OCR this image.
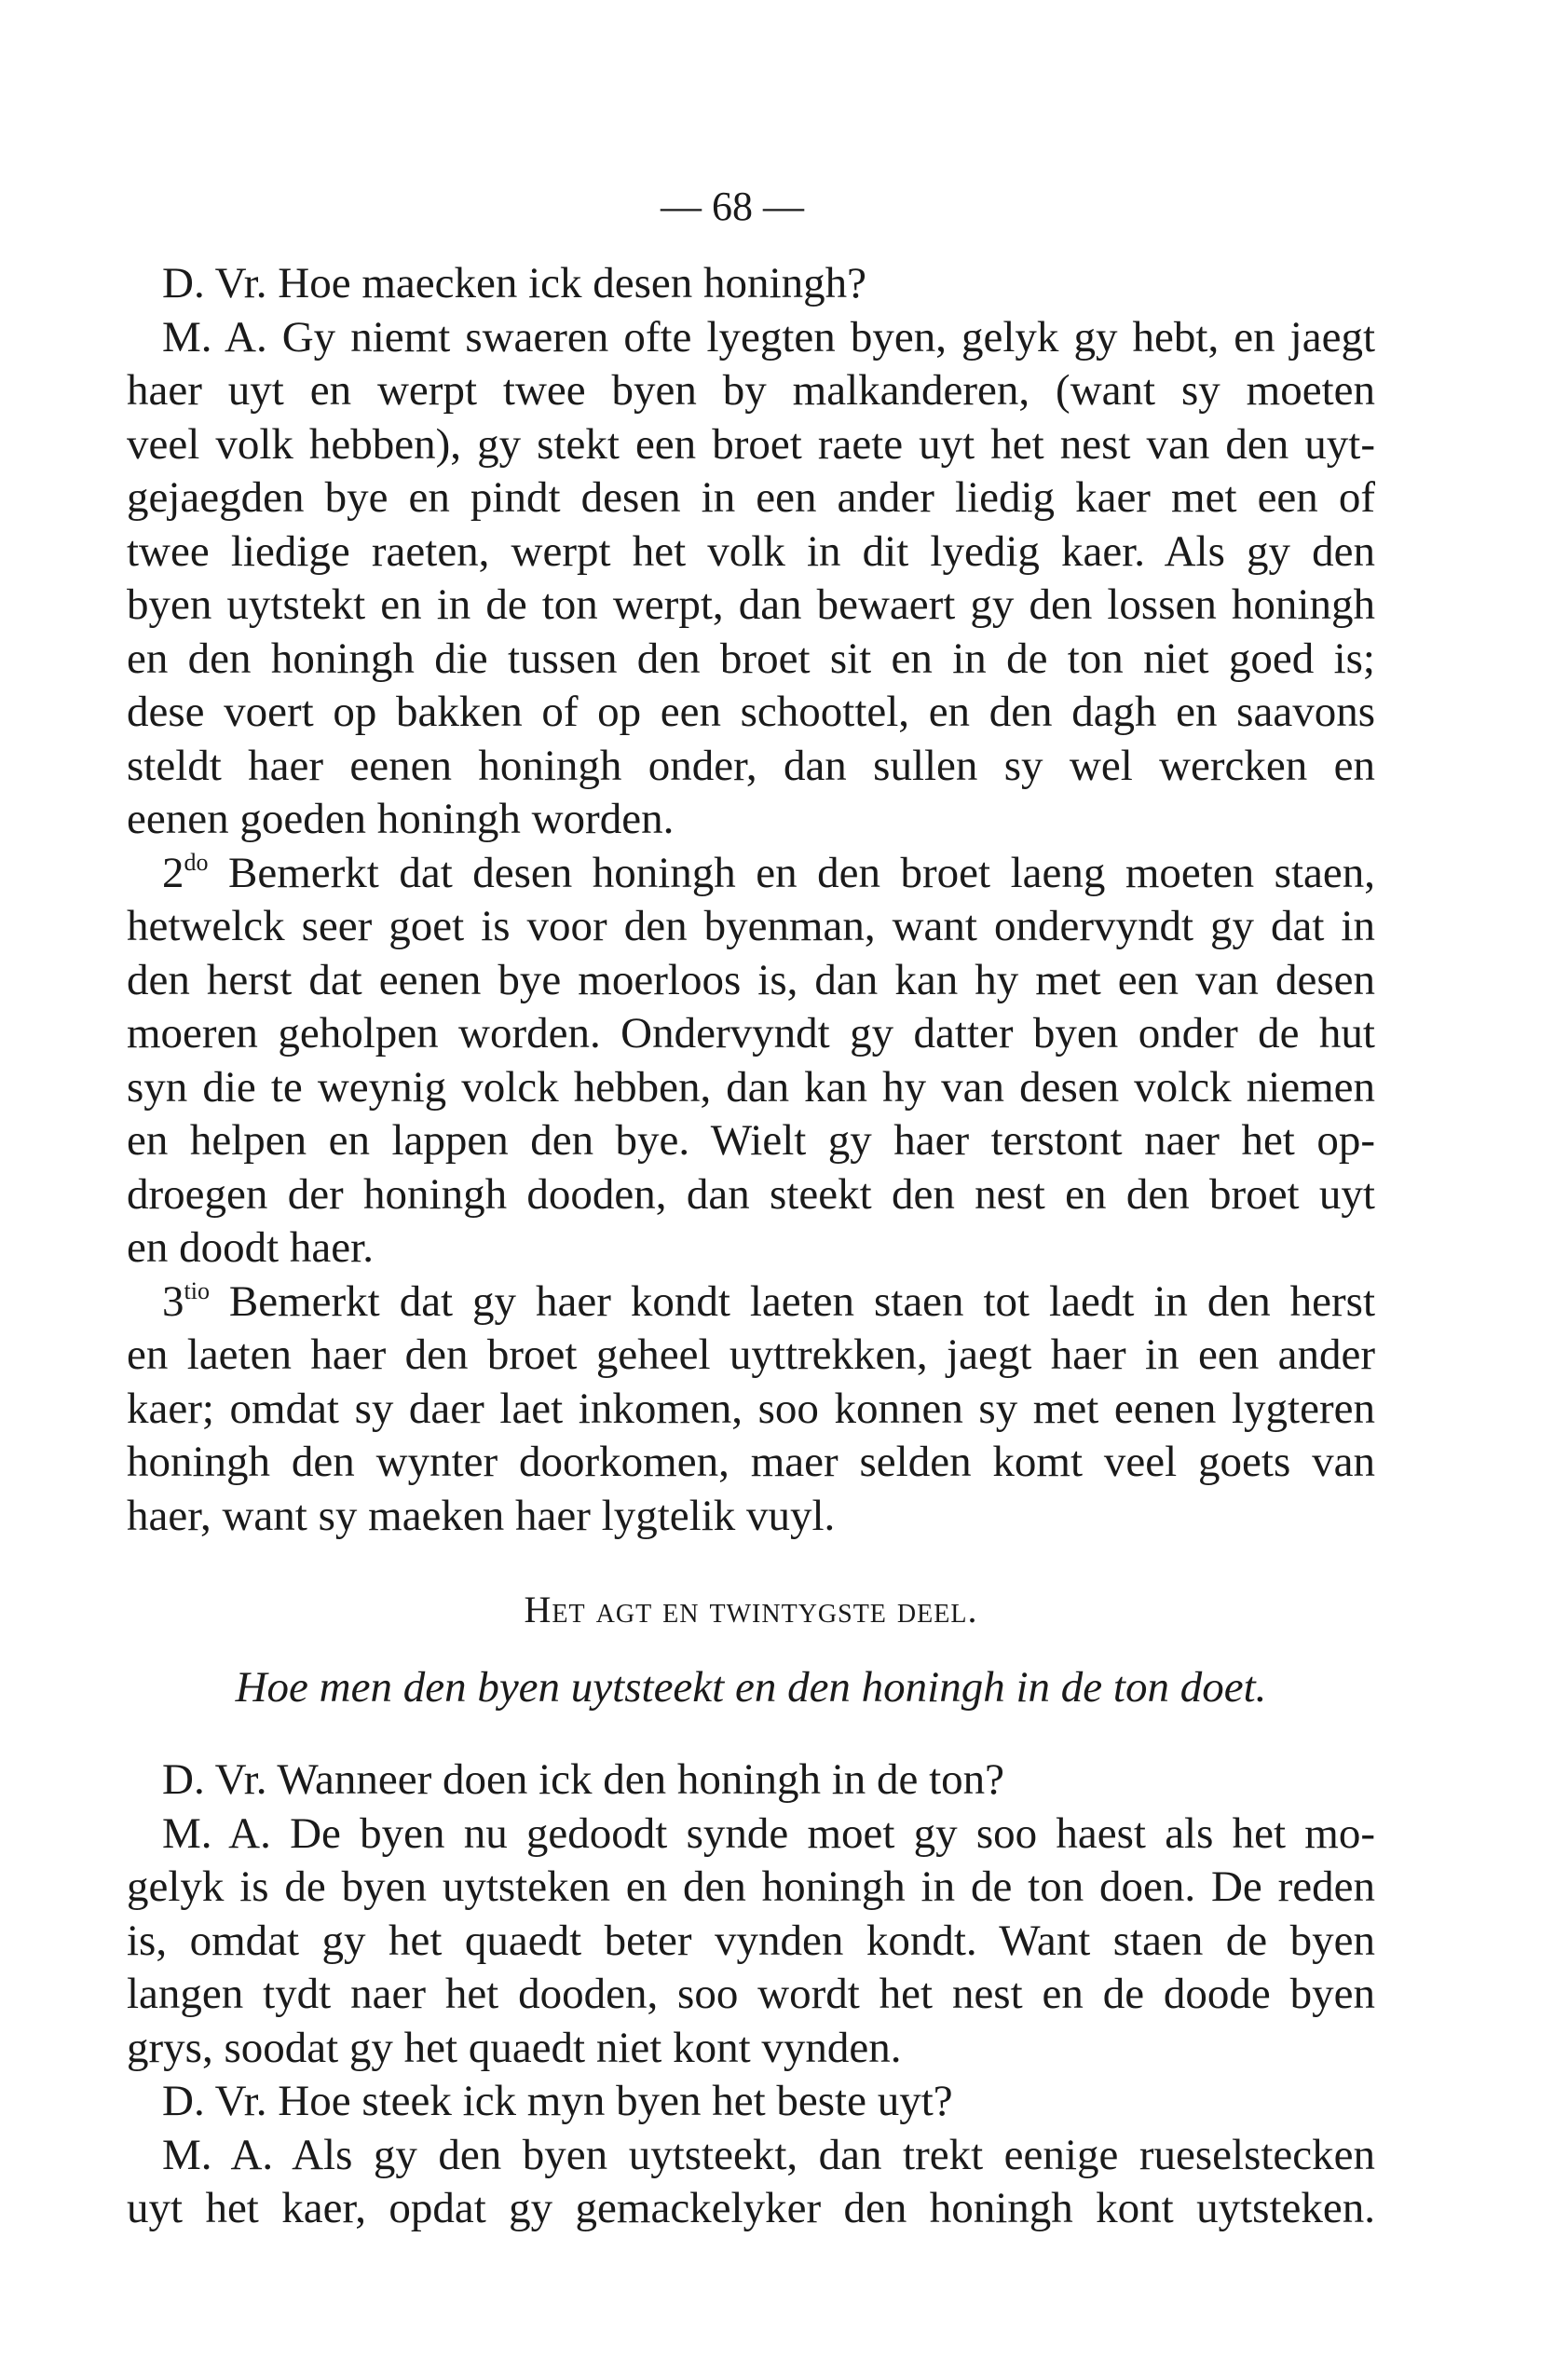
— 68 —
D. Vr. Hoe maecken ick desen honingh?
M. A. Gy niemt swaeren ofte lyegten byen, gelyk gy hebt, en jaegt
haer uyt en werpt twee byen by malkanderen, (want sy moeten
veel volk hebben), gy stekt een broet raete uyt het nest van den uyt-
gejaegden bye en pindt desen in een ander liedig kaer met een of
twee liedige raeten, werpt het volk in dit lyedig kaer. Als gy den
byen uytstekt en in de ton werpt, dan bewaert gy den lossen honingh
en den honingh die tussen den broet sit en in de ton niet goed is;
dese voert op bakken of op een schoottel, en den dagh en saavons
steldt haer eenen honingh onder, dan sullen sy wel wercken en
eenen goeden honingh worden.
$2^{do}$ Bemerkt dat desen honingh en den broet laeng moeten staen,
hetwelck seer goet is voor den byenman, want ondervyndt gy dat in
den herst dat eenen bye moerloos is, dan kan hy met een van desen
moeren geholpen worden. Ondervyndt gy datter byen onder de hut
syn die te weynig volck hebben, dan kan hy van desen volck niemen
en helpen en lappen den bye. Wielt gy haer terstont naer het op-
droegen der honingh dooden, dan steekt den nest en den broet uyt
en doodt haer.
$3^{tio}$ Bemerkt dat gy haer kondt laeten staen tot laedt in den herst
en laeten haer den broet geheel uyttrekken, jaegt haer in een ander
kaer; omdat sy daer laet inkomen, soo konnen sy met eenen lygteren
honingh den wynter doorkomen, maer selden komt veel goets van
haer, want sy maeken haer lygtelik vuyl.
Het agt en twintygste deel.
Hoe men den byen uytsteekt en den honingh in de ton doet.
D. Vr. Wanneer doen ick den honingh in de ton?
M. A. De byen nu gedoodt synde moet gy soo haest als het mo-
gelyk is de byen uytsteken en den honingh in de ton doen. De reden
is, omdat gy het quaedt beter vynden kondt. Want staen de byen
langen tydt naer het dooden, soo wordt het nest en de doode byen
grys, soodat gy het quaedt niet kont vynden.
D. Vr. Hoe steek ick myn byen het beste uyt?
M. A. Als gy den byen uytsteekt, dan trekt eenige rueselstecken
uyt het kaer, opdat gy gemackelyker den honingh kont uytsteken.
